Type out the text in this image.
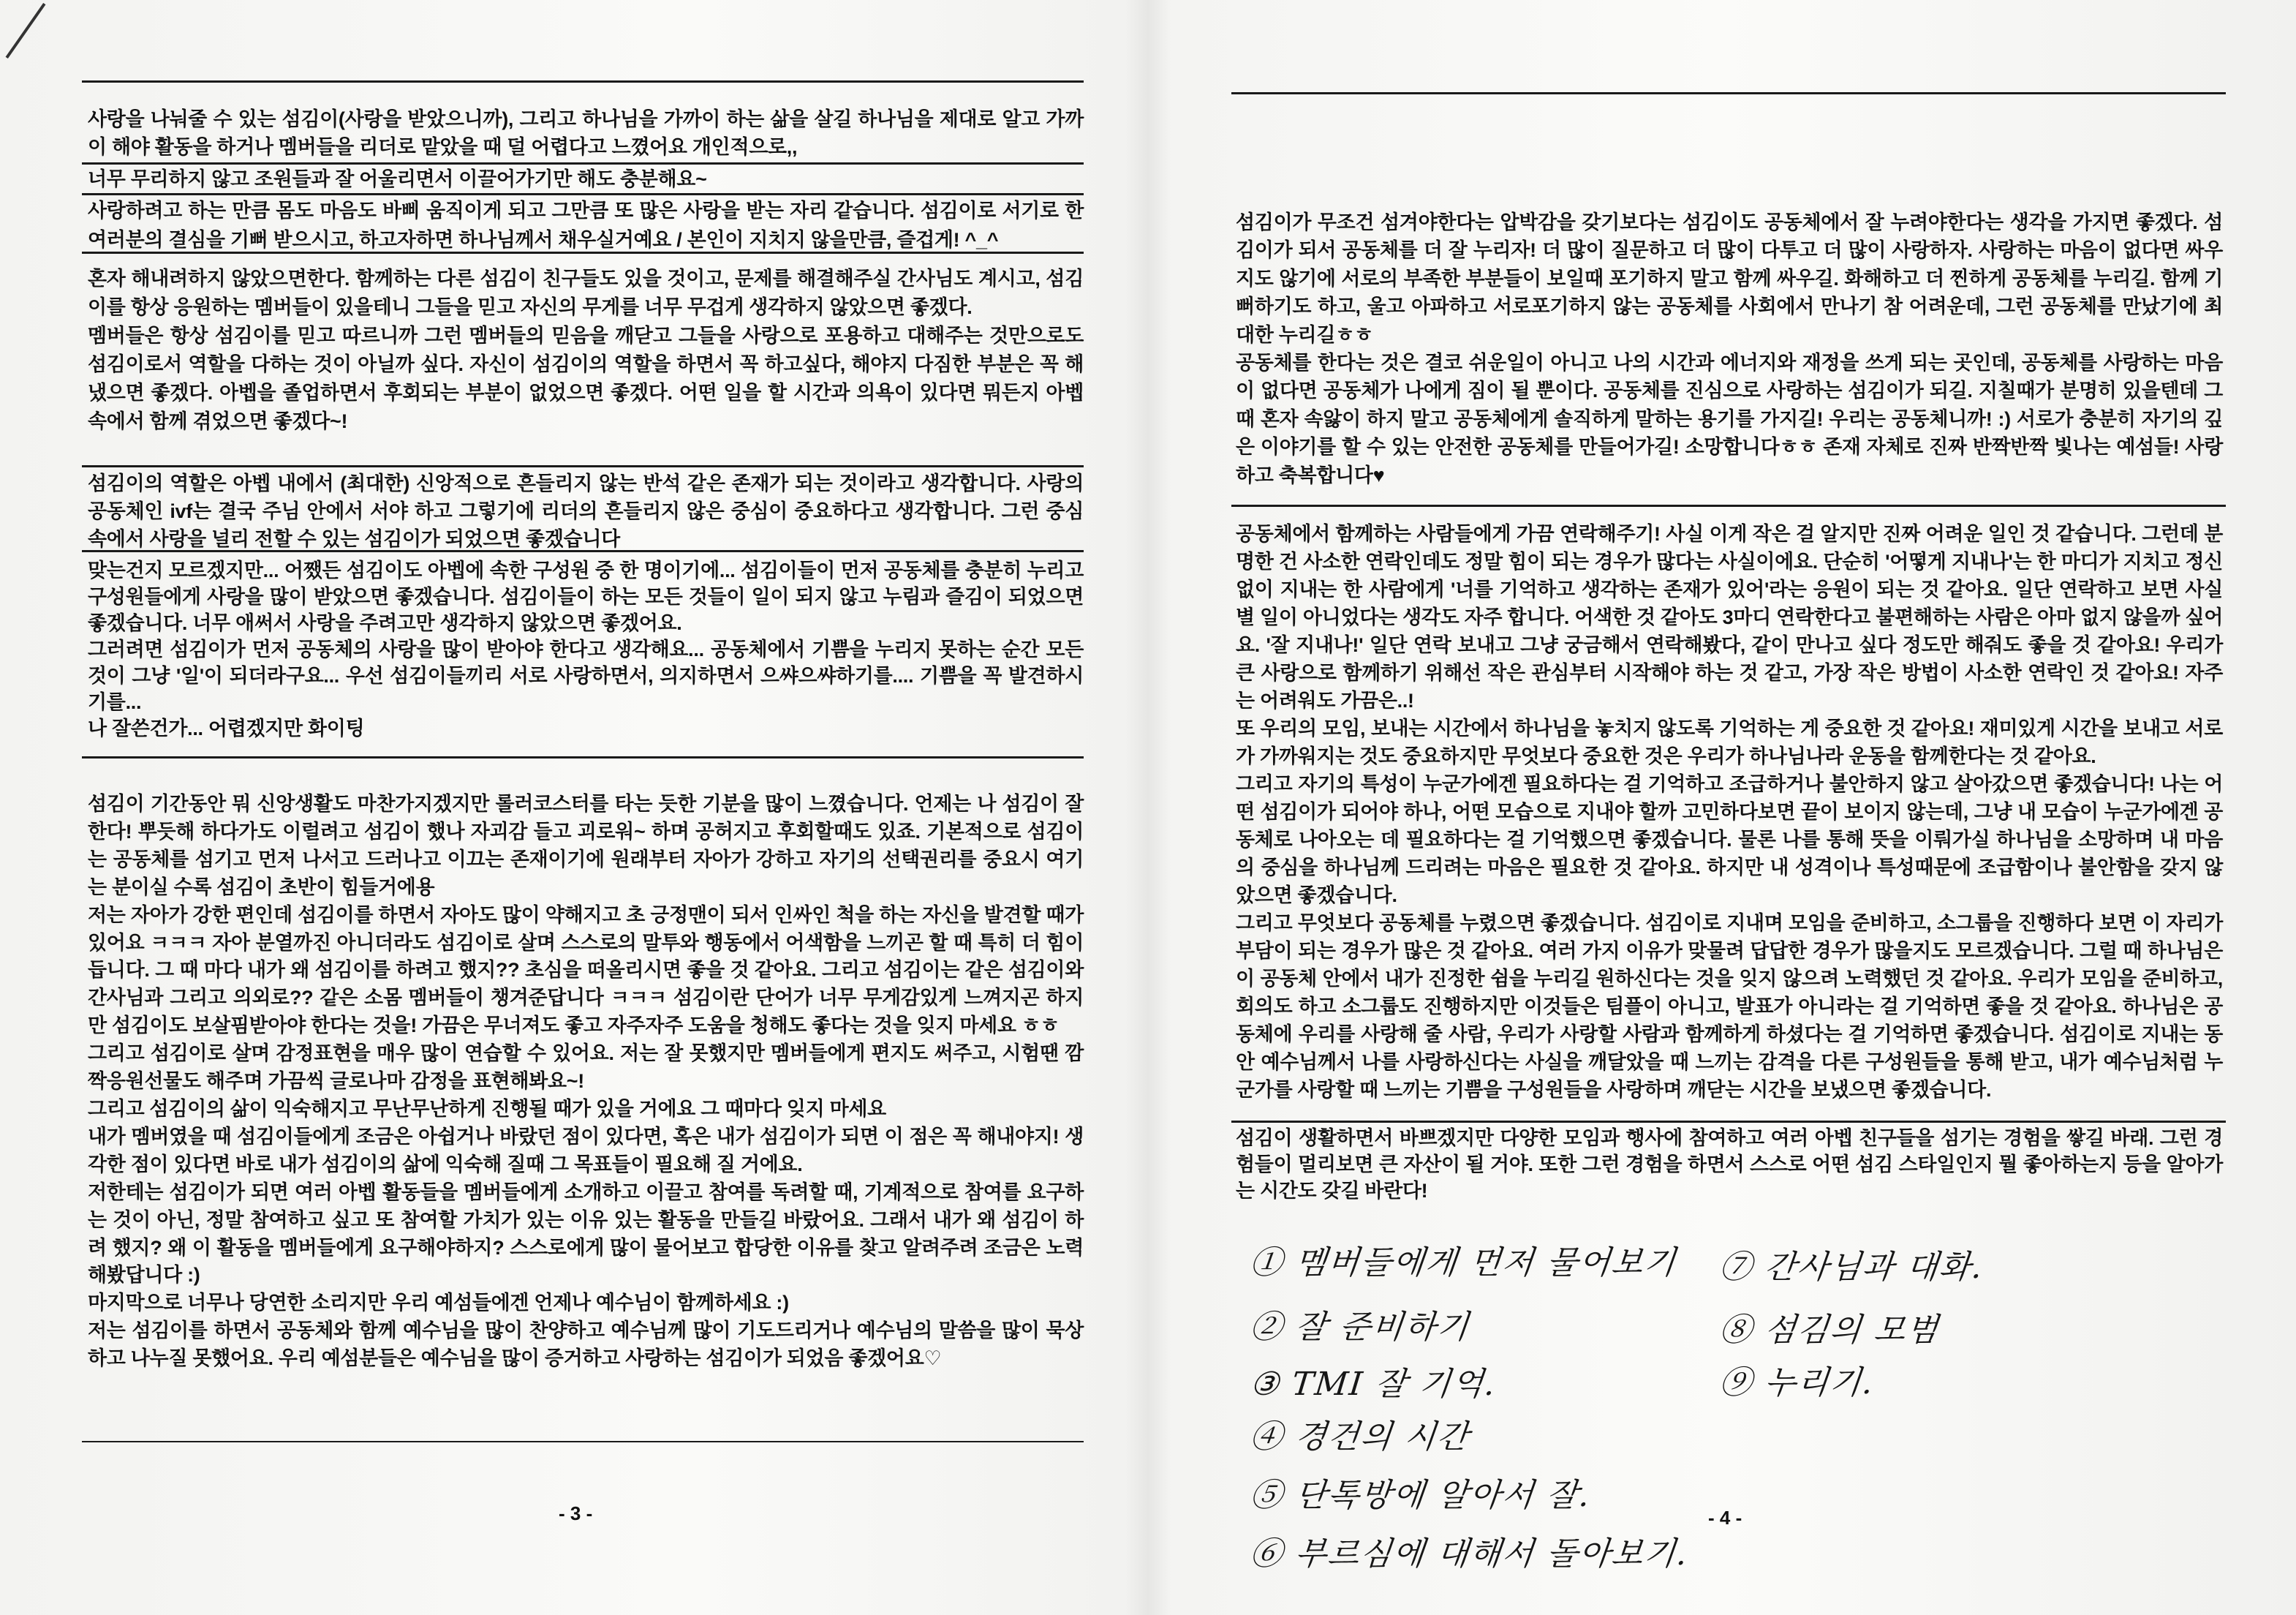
사랑을 나눠줄 수 있는 섬김이(사랑을 받았으니까), 그리고 하나님을 가까이 하는 삶을 살길 하나님을 제대로 알고 가까이 해야 활동을 하거나 멤버들을 리더로 맡았을 때 덜 어렵다고 느꼈어요 개인적으로,,

너무 무리하지 않고 조원들과 잘 어울리면서 이끌어가기만 해도 충분해요~

사랑하려고 하는 만큼 몸도 마음도 바삐 움직이게 되고 그만큼 또 많은 사랑을 받는 자리 같습니다. 섬김이로 서기로 한 여러분의 결심을 기뻐 받으시고, 하고자하면 하나님께서 채우실거예요 / 본인이 지치지 않을만큼, 즐겁게! ^_^

혼자 해내려하지 않았으면한다. 함께하는 다른 섬김이 친구들도 있을 것이고, 문제를 해결해주실 간사님도 계시고, 섬김이를 항상 응원하는 멤버들이 있을테니 그들을 믿고 자신의 무게를 너무 무겁게 생각하지 않았으면 좋겠다.

멤버들은 항상 섬김이를 믿고 따르니까 그런 멤버들의 믿음을 깨닫고 그들을 사랑으로 포용하고 대해주는 것만으로도 섬김이로서 역할을 다하는 것이 아닐까 싶다. 자신이 섬김이의 역할을 하면서 꼭 하고싶다, 해야지 다짐한 부분은 꼭 해냈으면 좋겠다. 아벱을 졸업하면서 후회되는 부분이 없었으면 좋겠다. 어떤 일을 할 시간과 의욕이 있다면 뭐든지 아벱 속에서 함께 겪었으면 좋겠다~!

섬김이의 역할은 아벱 내에서 (최대한) 신앙적으로 흔들리지 않는 반석 같은 존재가 되는 것이라고 생각합니다. 사랑의 공동체인 ivf는 결국 주님 안에서 서야 하고 그렇기에 리더의 흔들리지 않은 중심이 중요하다고 생각합니다. 그런 중심 속에서 사랑을 널리 전할 수 있는 섬김이가 되었으면 좋겠습니다

맞는건지 모르겠지만... 어쨌든 섬김이도 아벱에 속한 구성원 중 한 명이기에... 섬김이들이 먼저 공동체를 충분히 누리고 구성원들에게 사랑을 많이 받았으면 좋겠습니다. 섬김이들이 하는 모든 것들이 일이 되지 않고 누림과 즐김이 되었으면 좋겠습니다. 너무 애써서 사랑을 주려고만 생각하지 않았으면 좋겠어요.

그러려면 섬김이가 먼저 공동체의 사랑을 많이 받아야 한다고 생각해요... 공동체에서 기쁨을 누리지 못하는 순간 모든 것이 그냥 '일'이 되더라구요... 우선 섬김이들끼리 서로 사랑하면서, 의지하면서 으쌰으쌰하기를.... 기쁨을 꼭 발견하시기를...

나 잘쓴건가... 어렵겠지만 화이팅

섬김이 기간동안 뭐 신앙생활도 마찬가지겠지만 롤러코스터를 타는 듯한 기분을 많이 느꼈습니다. 언제는 나 섬김이 잘한다! 뿌듯해 하다가도 이럴려고 섬김이 했나 자괴감 들고 괴로워~ 하며 공허지고 후회할때도 있죠. 기본적으로 섬김이는 공동체를 섬기고 먼저 나서고 드러나고 이끄는 존재이기에 원래부터 자아가 강하고 자기의 선택권리를 중요시 여기는 분이실 수록 섬김이 초반이 힘들거에용

저는 자아가 강한 편인데 섬김이를 하면서 자아도 많이 약해지고 초 긍정맨이 되서 인싸인 척을 하는 자신을 발견할 때가 있어요 ㅋㅋㅋ 자아 분열까진 아니더라도 섬김이로 살며 스스로의 말투와 행동에서 어색함을 느끼곤 할 때 특히 더 힘이 듭니다. 그 때 마다 내가 왜 섬김이를 하려고 했지?? 초심을 떠올리시면 좋을 것 같아요. 그리고 섬김이는 같은 섬김이와 간사님과 그리고 의외로?? 같은 소몸 멤버들이 챙겨준답니다 ㅋㅋㅋ 섬김이란 단어가 너무 무게감있게 느껴지곤 하지만 섬김이도 보살핌받아야 한다는 것을! 가끔은 무너져도 좋고 자주자주 도움을 청해도 좋다는 것을 잊지 마세요 ㅎㅎ

그리고 섬김이로 살며 감정표현을 매우 많이 연습할 수 있어요. 저는 잘 못했지만 멤버들에게 편지도 써주고, 시험땐 깜짝응원선물도 해주며 가끔씩 글로나마 감정을 표현해봐요~!

그리고 섬김이의 삶이 익숙해지고 무난무난하게 진행될 때가 있을 거에요 그 때마다 잊지 마세요

내가 멤버였을 때 섬김이들에게 조금은 아쉽거나 바랐던 점이 있다면, 혹은 내가 섬김이가 되면 이 점은 꼭 해내야지! 생각한 점이 있다면 바로 내가 섬김이의 삶에 익숙해 질때 그 목표들이 필요해 질 거에요.

저한테는 섬김이가 되면 여러 아벱 활동들을 멤버들에게 소개하고 이끌고 참여를 독려할 때, 기계적으로 참여를 요구하는 것이 아닌, 정말 참여하고 싶고 또 참여할 가치가 있는 이유 있는 활동을 만들길 바랐어요. 그래서 내가 왜 섬김이 하려 했지? 왜 이 활동을 멤버들에게 요구해야하지? 스스로에게 많이 물어보고 합당한 이유를 찾고 알려주려 조금은 노력해봤답니다 :)

마지막으로 너무나 당연한 소리지만 우리 예섬들에겐 언제나 예수님이 함께하세요 :)

저는 섬김이를 하면서 공동체와 함께 예수님을 많이 찬양하고 예수님께 많이 기도드리거나 예수님의 말씀을 많이 묵상하고 나누질 못했어요. 우리 예섬분들은 예수님을 많이 증거하고 사랑하는 섬김이가 되었음 좋겠어요♡

- 3 -

섬김이가 무조건 섬겨야한다는 압박감을 갖기보다는 섬김이도 공동체에서 잘 누려야한다는 생각을 가지면 좋겠다. 섬김이가 되서 공동체를 더 잘 누리자! 더 많이 질문하고 더 많이 다투고 더 많이 사랑하자. 사랑하는 마음이 없다면 싸우지도 않기에 서로의 부족한 부분들이 보일때 포기하지 말고 함께 싸우길. 화해하고 더 찐하게 공동체를 누리길. 함께 기뻐하기도 하고, 울고 아파하고 서로포기하지 않는 공동체를 사회에서 만나기 참 어려운데, 그런 공동체를 만났기에 최대한 누리길ㅎㅎ

공동체를 한다는 것은 결코 쉬운일이 아니고 나의 시간과 에너지와 재정을 쓰게 되는 곳인데, 공동체를 사랑하는 마음이 없다면 공동체가 나에게 짐이 될 뿐이다. 공동체를 진심으로 사랑하는 섬김이가 되길. 지칠때가 분명히 있을텐데 그때 혼자 속앓이 하지 말고 공동체에게 솔직하게 말하는 용기를 가지길! 우리는 공동체니까! :) 서로가 충분히 자기의 깊은 이야기를 할 수 있는 안전한 공동체를 만들어가길! 소망합니다ㅎㅎ 존재 자체로 진짜 반짝반짝 빛나는 예섬들! 사랑하고 축복합니다♥

공동체에서 함께하는 사람들에게 가끔 연락해주기! 사실 이게 작은 걸 알지만 진짜 어려운 일인 것 같습니다. 그런데 분명한 건 사소한 연락인데도 정말 힘이 되는 경우가 많다는 사실이에요. 단순히 '어떻게 지내나'는 한 마디가 지치고 정신없이 지내는 한 사람에게 '너를 기억하고 생각하는 존재가 있어'라는 응원이 되는 것 같아요. 일단 연락하고 보면 사실 별 일이 아니었다는 생각도 자주 합니다. 어색한 것 같아도 3마디 연락한다고 불편해하는 사람은 아마 없지 않을까 싶어요. '잘 지내나!' 일단 연락 보내고 그냥 궁금해서 연락해봤다, 같이 만나고 싶다 정도만 해줘도 좋을 것 같아요! 우리가 큰 사랑으로 함께하기 위해선 작은 관심부터 시작해야 하는 것 같고, 가장 작은 방법이 사소한 연락인 것 같아요! 자주는 어려워도 가끔은..!

또 우리의 모임, 보내는 시간에서 하나님을 놓치지 않도록 기억하는 게 중요한 것 같아요! 재미있게 시간을 보내고 서로가 가까워지는 것도 중요하지만 무엇보다 중요한 것은 우리가 하나님나라 운동을 함께한다는 것 같아요.

그리고 자기의 특성이 누군가에겐 필요하다는 걸 기억하고 조급하거나 불안하지 않고 살아갔으면 좋겠습니다! 나는 어떤 섬김이가 되어야 하나, 어떤 모습으로 지내야 할까 고민하다보면 끝이 보이지 않는데, 그냥 내 모습이 누군가에겐 공동체로 나아오는 데 필요하다는 걸 기억했으면 좋겠습니다. 물론 나를 통해 뜻을 이뤄가실 하나님을 소망하며 내 마음의 중심을 하나님께 드리려는 마음은 필요한 것 같아요. 하지만 내 성격이나 특성때문에 조급함이나 불안함을 갖지 않았으면 좋겠습니다.

그리고 무엇보다 공동체를 누렸으면 좋겠습니다. 섬김이로 지내며 모임을 준비하고, 소그룹을 진행하다 보면 이 자리가 부담이 되는 경우가 많은 것 같아요. 여러 가지 이유가 맞물려 답답한 경우가 많을지도 모르겠습니다. 그럴 때 하나님은 이 공동체 안에서 내가 진정한 쉼을 누리길 원하신다는 것을 잊지 않으려 노력했던 것 같아요. 우리가 모임을 준비하고, 회의도 하고 소그룹도 진행하지만 이것들은 팀플이 아니고, 발표가 아니라는 걸 기억하면 좋을 것 같아요. 하나님은 공동체에 우리를 사랑해 줄 사람, 우리가 사랑할 사람과 함께하게 하셨다는 걸 기억하면 좋겠습니다. 섬김이로 지내는 동안 예수님께서 나를 사랑하신다는 사실을 깨달았을 때 느끼는 감격을 다른 구성원들을 통해 받고, 내가 예수님처럼 누군가를 사랑할 때 느끼는 기쁨을 구성원들을 사랑하며 깨닫는 시간을 보냈으면 좋겠습니다.

섬김이 생활하면서 바쁘겠지만 다양한 모임과 행사에 참여하고 여러 아벱 친구들을 섬기는 경험을 쌓길 바래. 그런 경험들이 멀리보면 큰 자산이 될 거야. 또한 그런 경험을 하면서 스스로 어떤 섬김 스타일인지 뭘 좋아하는지 등을 알아가는 시간도 갖길 바란다!

① 멤버들에게 먼저 물어보기
② 잘 준비하기
③ TMI 잘 기억.
④ 경건의 시간
⑤ 단톡방에 알아서 잘.
⑥ 부르심에 대해서 돌아보기.
⑦ 간사님과 대화.
⑧ 섬김의 모범
⑨ 누리기.
- 4 -
